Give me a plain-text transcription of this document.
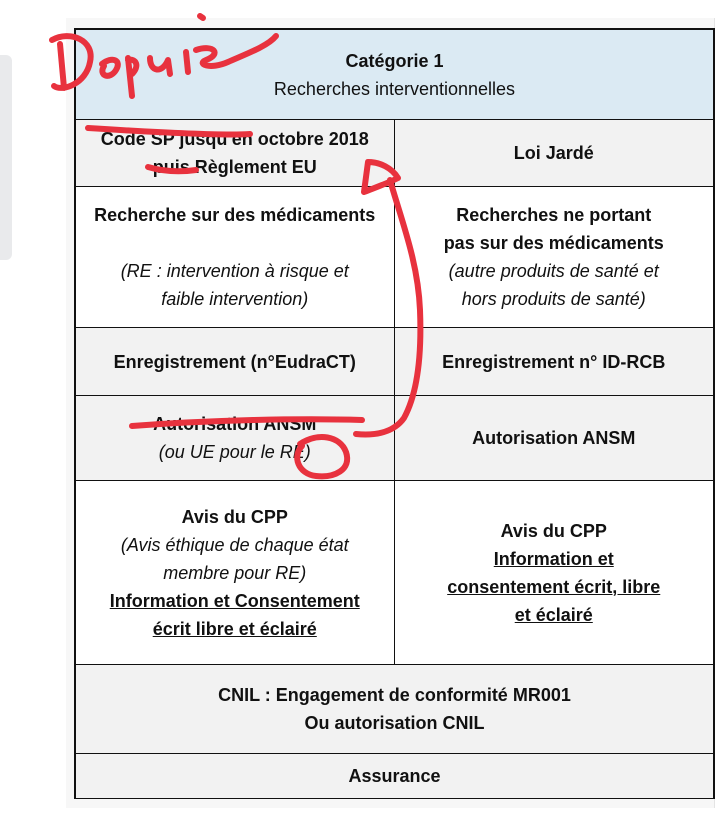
Catégorie 1
Recherches interventionnelles
Code SP jusqu'en octobre 2018
puis Règlement EU
Loi Jardé
Recherche sur des médicaments
(RE : intervention à risque et
faible intervention)
Recherches ne portant
pas sur des médicaments
(autre produits de santé et
hors produits de santé)
Enregistrement (n°EudraCT)	Enregistrement n° ID-RCB
Autorisation ANSM
(ou UE pour le RE)
Autorisation ANSM
Avis du CPP
(Avis éthique de chaque état
membre pour RE)
Information et Consentement
écrit libre et éclairé
Avis du CPP
Information et
consentement écrit, libre
et éclairé
CNIL : Engagement de conformité MR001
Ou autorisation CNIL
Assurance
